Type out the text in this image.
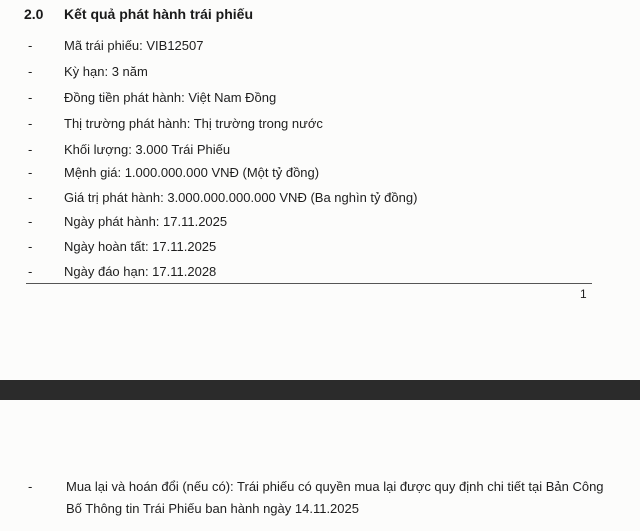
2.0 Kết quả phát hành trái phiếu
-	Mã trái phiếu: VIB12507
-	Kỳ hạn: 3 năm
-	Đồng tiền phát hành: Việt Nam Đồng
-	Thị trường phát hành: Thị trường trong nước
-	Khối lượng: 3.000 Trái Phiếu
-	Mệnh giá: 1.000.000.000 VNĐ (Một tỷ đồng)
-	Giá trị phát hành: 3.000.000.000.000 VNĐ (Ba nghìn tỷ đồng)
-	Ngày phát hành: 17.11.2025
-	Ngày hoàn tất: 17.11.2025
-	Ngày đáo hạn: 17.11.2028
1
-	Mua lại và hoán đổi (nếu có): Trái phiếu có quyền mua lại được quy định chi tiết tại Bản Công Bố Thông tin Trái Phiếu ban hành ngày 14.11.2025
